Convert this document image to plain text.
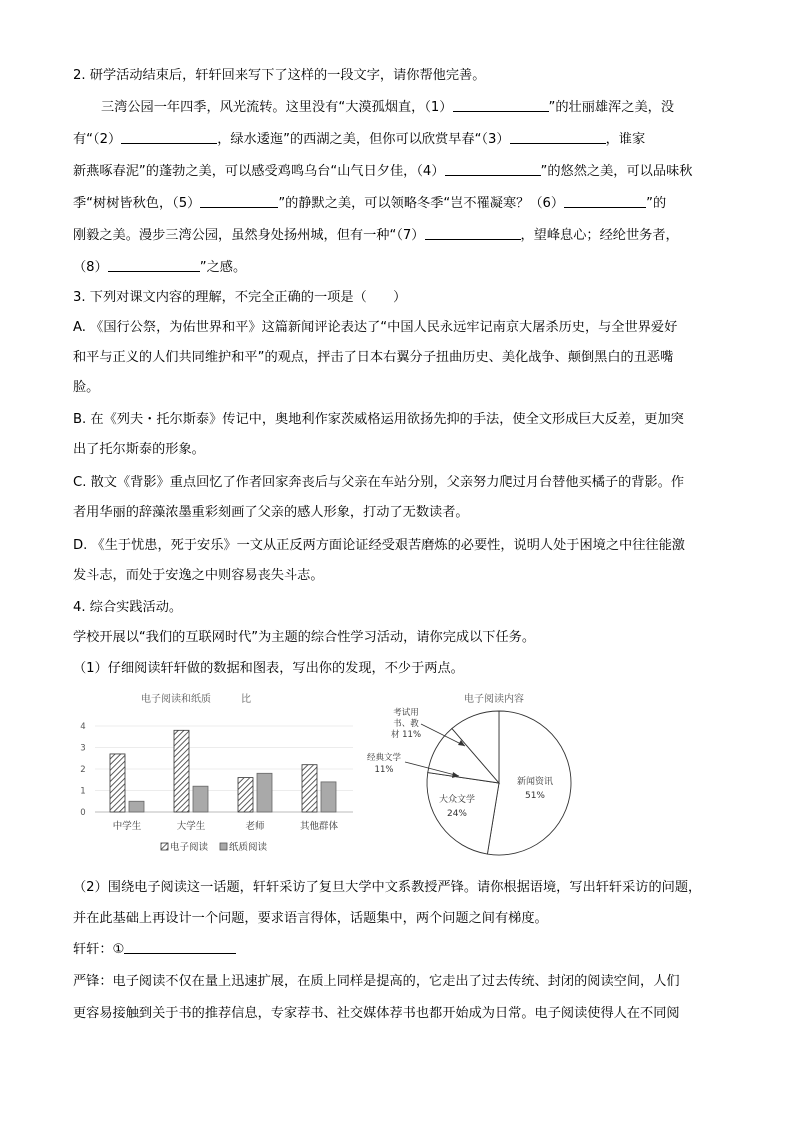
2. 研学活动结束后，轩轩回来写下了这样的一段文字，请你帮他完善。
三湾公园一年四季，风光流转。这里没有“大漠孤烟直，（1）	”的壮丽雄浑之美，没
有“（2）	，绿水逶迤”的西湖之美，但你可以欣赏早春“（3）	，谁家
新燕啄春泥”的蓬勃之美，可以感受鸡鸣乌台“山气日夕佳，（4）	”的悠然之美，可以品味秋
季“树树皆秋色，（5）	”的静默之美，可以领略冬季“岂不罹凝寒？（6）	”的
刚毅之美。漫步三湾公园，虽然身处扬州城，但有一种“（7）	，望峰息心；经纶世务者，
（8）	”之感。
3. 下列对课文内容的理解，不完全正确的一项是（　　）
A. 《国行公祭，为佑世界和平》这篇新闻评论表达了“中国人民永远牢记南京大屠杀历史，与全世界爱好
和平与正义的人们共同维护和平”的观点，抨击了日本右翼分子扭曲历史、美化战争、颠倒黑白的丑恶嘴
脸。
B. 在《列夫・托尔斯泰》传记中，奥地利作家茨威格运用欲扬先抑的手法，使全文形成巨大反差，更加突
出了托尔斯泰的形象。
C. 散文《背影》重点回忆了作者回家奔丧后与父亲在车站分别，父亲努力爬过月台替他买橘子的背影。作
者用华丽的辞藻浓墨重彩刻画了父亲的感人形象，打动了无数读者。
D. 《生于忧患，死于安乐》一文从正反两方面论证经受艰苦磨炼的必要性，说明人处于困境之中往往能激
发斗志，而处于安逸之中则容易丧失斗志。
4. 综合实践活动。
学校开展以“我们的互联网时代”为主题的综合性学习活动，请你完成以下任务。
（1）仔细阅读轩轩做的数据和图表，写出你的发现，不少于两点。
电子阅读和纸质　　　比
0
1
2
3
4
中学生	大学生	老师	其他群体
电子阅读 纸质阅读
电子阅读内容
新闻资讯
51%
大众文学
24%
考试用
书、教
材 11%
经典文学
11%
（2）围绕电子阅读这一话题，轩轩采访了复旦大学中文系教授严锋。请你根据语境，写出轩轩采访的问题，
并在此基础上再设计一个问题，要求语言得体，话题集中，两个问题之间有梯度。
轩轩：①
严锋：电子阅读不仅在量上迅速扩展，在质上同样是提高的，它走出了过去传统、封闭的阅读空间，人们
更容易接触到关于书的推荐信息，专家荐书、社交媒体荐书也都开始成为日常。电子阅读使得人在不同阅
